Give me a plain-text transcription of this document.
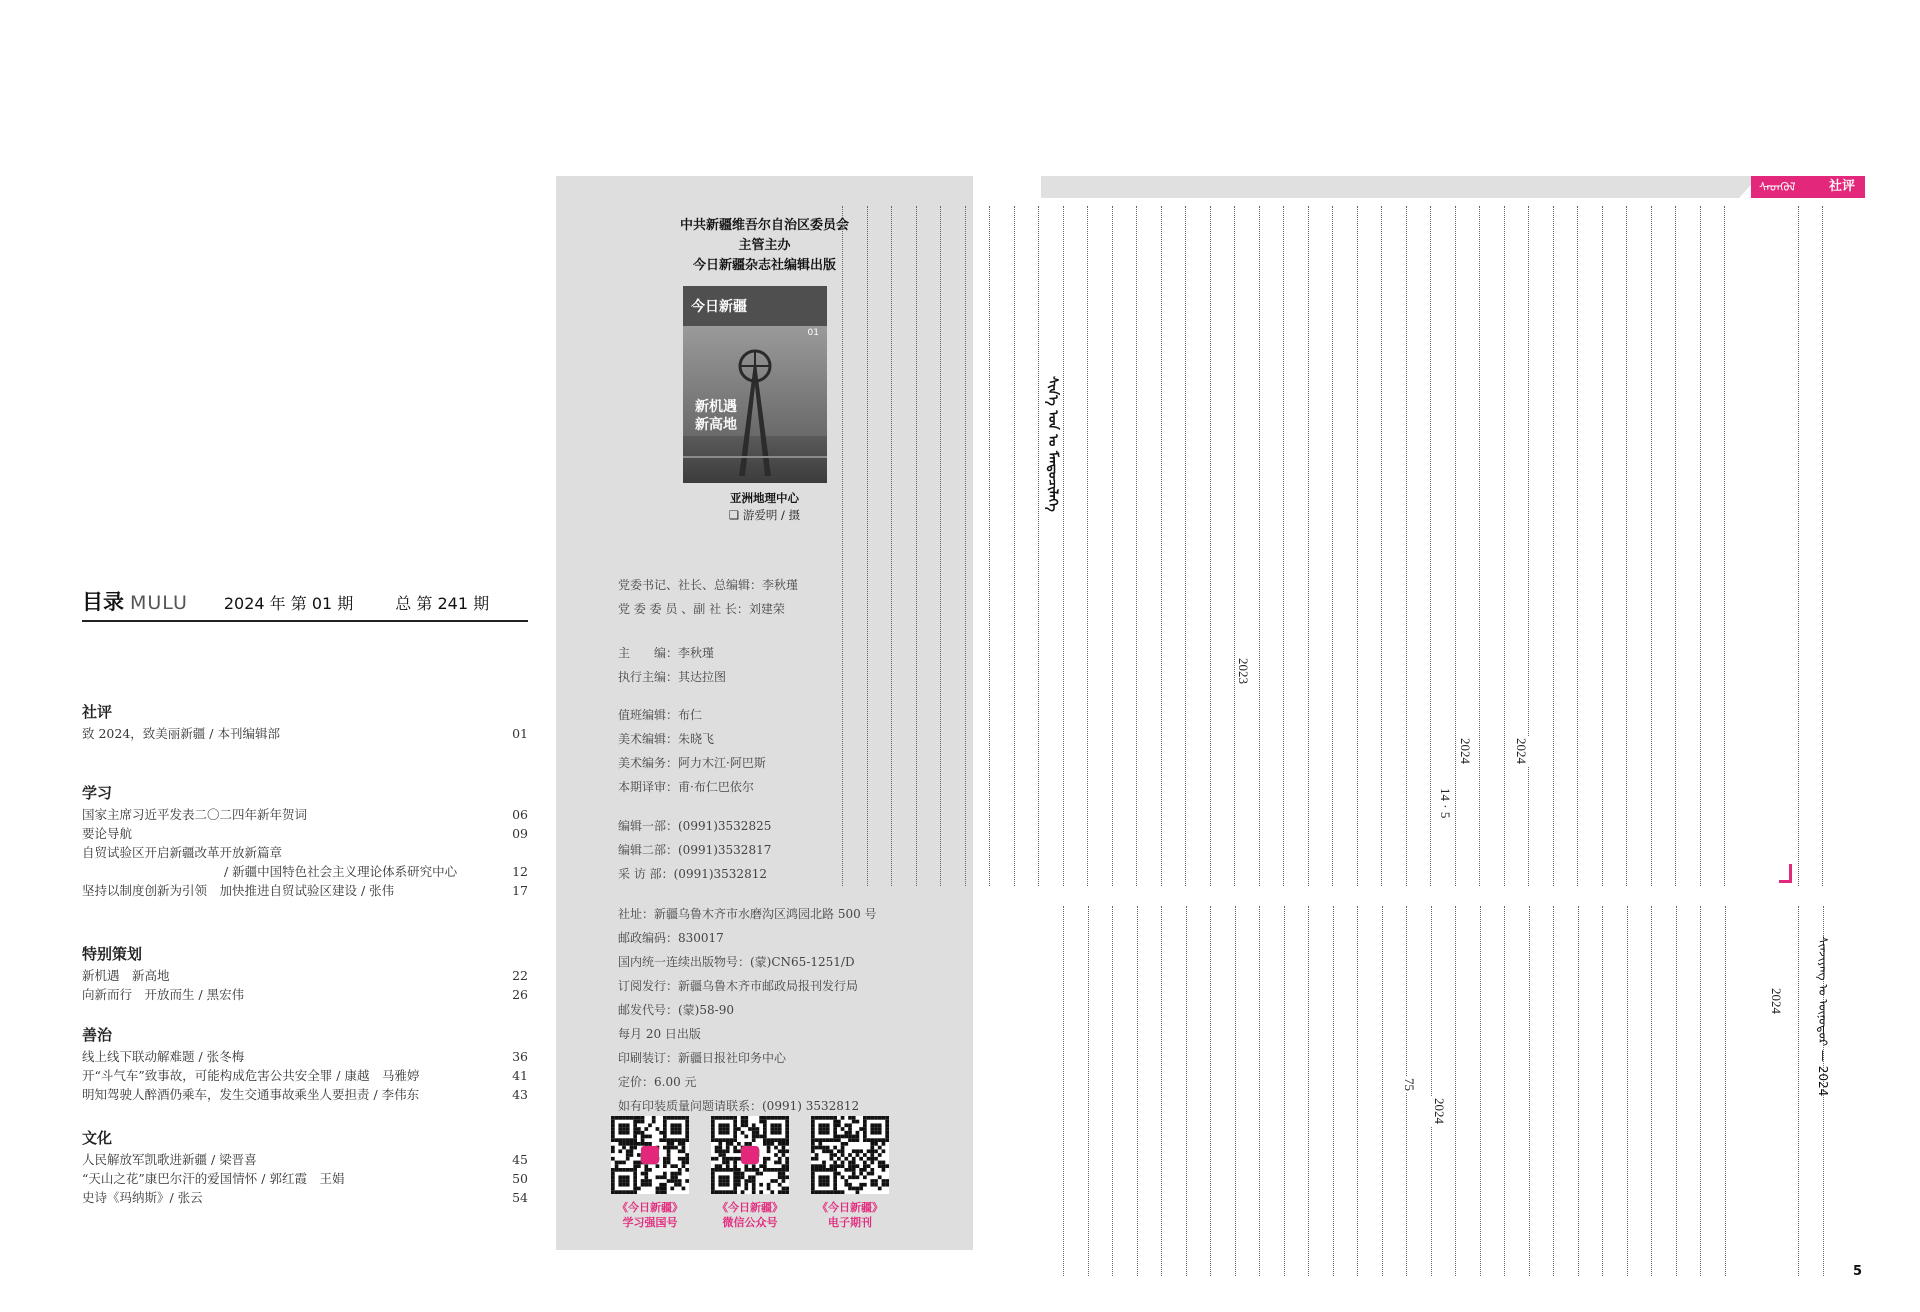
目录 MULU 2024 年 第 01 期	总 第 241 期
社评
致 2024，致美丽新疆 / 本刊编辑部	01
学习
国家主席习近平发表二〇二四年新年贺词	06
要论导航	09
自贸试验区开启新疆改革开放新篇章
/ 新疆中国特色社会主义理论体系研究中心	12
坚持以制度创新为引领　加快推进自贸试验区建设 / 张伟	17
特别策划
新机遇　新高地	22
向新而行　开放而生 / 黑宏伟	26
善治
线上线下联动解难题 / 张冬梅	36
开“斗气车”致事故，可能构成危害公共安全罪 / 康越　马雅婷	41
明知驾驶人醉酒仍乘车，发生交通事故乘坐人要担责 / 李伟东	43
文化
人民解放军凯歌进新疆 / 梁晋喜	45
“天山之花”康巴尔汗的爱国情怀 / 郭红霞　王娟	50
史诗《玛纳斯》/ 张云	54
中共新疆维吾尔自治区委员会
主管主办
今日新疆杂志社编辑出版
今日新疆
01
新机遇
新高地
亚洲地理中心
❑ 游爱明 / 摄
党委书记、社长、总编辑：李秋瑾
党 委 委 员 、副 社 长：刘建荣
主　　编：李秋瑾
执行主编：其达拉图
值班编辑：布仁
美术编辑：朱晓飞
美术编务：阿力木江·阿巴斯
本期译审：甫·布仁巴依尔
编辑一部：(0991)3532825
编辑二部：(0991)3532817
采 访 部：(0991)3532812
社址：新疆乌鲁木齐市水磨沟区鸿园北路 500 号
邮政编码：830017
国内统一连续出版物号：(蒙)CN65-1251/D
订阅发行：新疆乌鲁木齐市邮政局报刊发行局
邮发代号：(蒙)58-90
每月 20 日出版
印刷装订：新疆日报社印务中心
定价：6.00 元
如有印装质量问题请联系：(0991) 3532812
《今日新疆》
学习强国号
《今日新疆》
微信公众号
《今日新疆》
电子期刊
ᠰᠡᠳᠬᠦᠯ	社评
ᠰᠢᠨᠵᠢᠶᠠᠩ ᠤ ᠥᠨᠥᠳᠥᠷ — 2024
ᠰᠢᠨ᠎ᠡ ᠣᠨ ᠤ ᠮᠡᠨᠳᠦᠴᠢᠯᠡᠭᠡ
2024
2024
2023
2024
14 · 5
75
2024
5
